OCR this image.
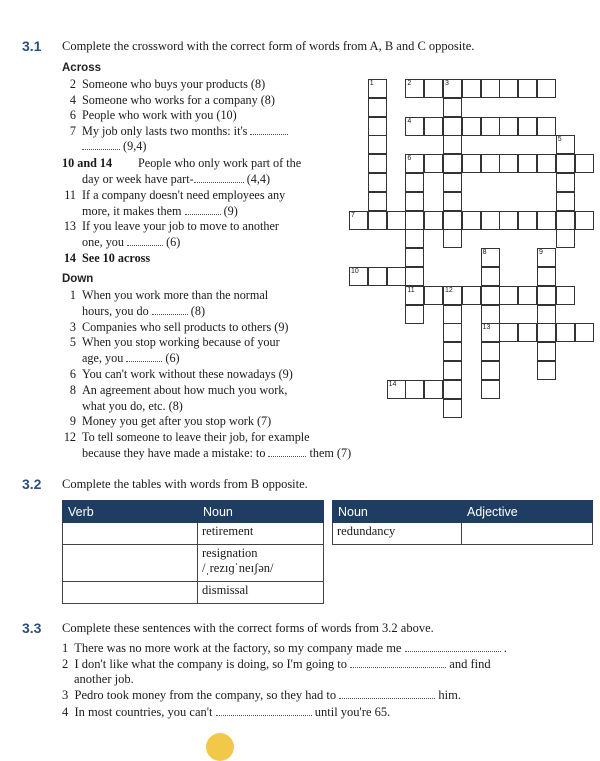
3.1 Complete the crossword with the correct form of words from A, B and C opposite.
Across
2 Someone who buys your products (8)
4 Someone who works for a company (8)
6 People who work with you (10)
7 My job only lasts two months: it's
(9,4)
10 and 14 People who only work part of the
day or week have part-	(4,4)
11 If a company doesn't need employees any
more, it makes them	(9)
13 If you leave your job to move to another
one, you	(6)
14 See 10 across
Down
1 When you work more than the normal
hours, you do	(8)
3 Companies who sell products to others (9)
5 When you stop working because of your
age, you	(6)
6 You can't work without these nowadays (9)
8 An agreement about how much you work,
what you do, etc. (8)
9 Money you get after you stop work (7)
12 To tell someone to leave their job, for example
because they have made a mistake: to	them (7)
2	3
4
6
7
10
11	12
13
14
1
5
8	9
3.2 Complete the tables with words from B opposite.
Verb	Noun
	retirement
	resignation
/ˌrezɪɡˈneɪʃən/
	dismissal
Noun	Adjective
redundancy	
3.3 Complete these sentences with the correct forms of words from 3.2 above.
1 There was no more work at the factory, so my company made me	.
2 I don't like what the company is doing, so I'm going to	and find
another job.
3 Pedro took money from the company, so they had to	him.
4 In most countries, you can't	until you're 65.
